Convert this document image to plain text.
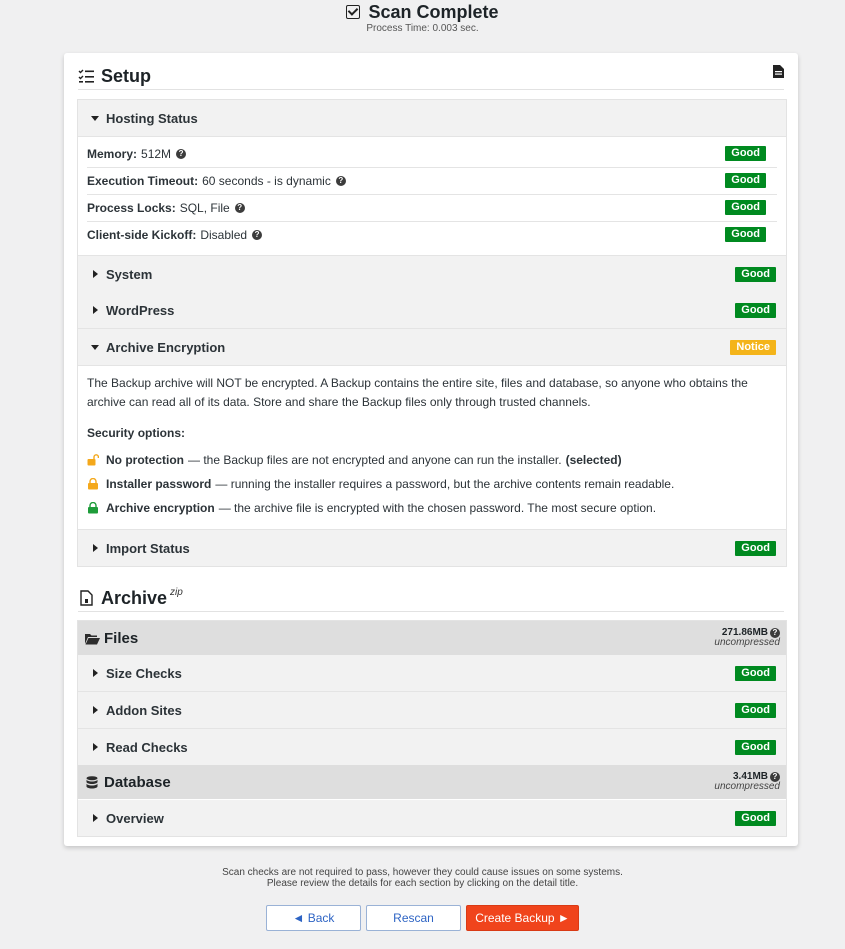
Scan Complete
Process Time: 0.003 sec.
Setup
Hosting Status
Memory: 512M ?	Good
Execution Timeout: 60 seconds - is dynamic ?	Good
Process Locks: SQL, File ?	Good
Client-side Kickoff: Disabled ?	Good
System	Good
WordPress	Good
Archive Encryption	Notice
The Backup archive will NOT be encrypted. A Backup contains the entire site, files and database, so anyone who obtains the
archive can read all of its data. Store and share the Backup files only through trusted channels.
Security options:
No protection — the Backup files are not encrypted and anyone can run the installer. (selected)
Installer password — running the installer requires a password, but the archive contents remain readable.
Archive encryption — the archive file is encrypted with the chosen password. The most secure option.
Import Status	Good
Archive zip
Files	271.86MB ?
uncompressed
Size Checks	Good
Addon Sites	Good
Read Checks	Good
Database	3.41MB ?
uncompressed
Overview	Good
Scan checks are not required to pass, however they could cause issues on some systems.
Please review the details for each section by clicking on the detail title.
◄ Back	Rescan	Create Backup ►
